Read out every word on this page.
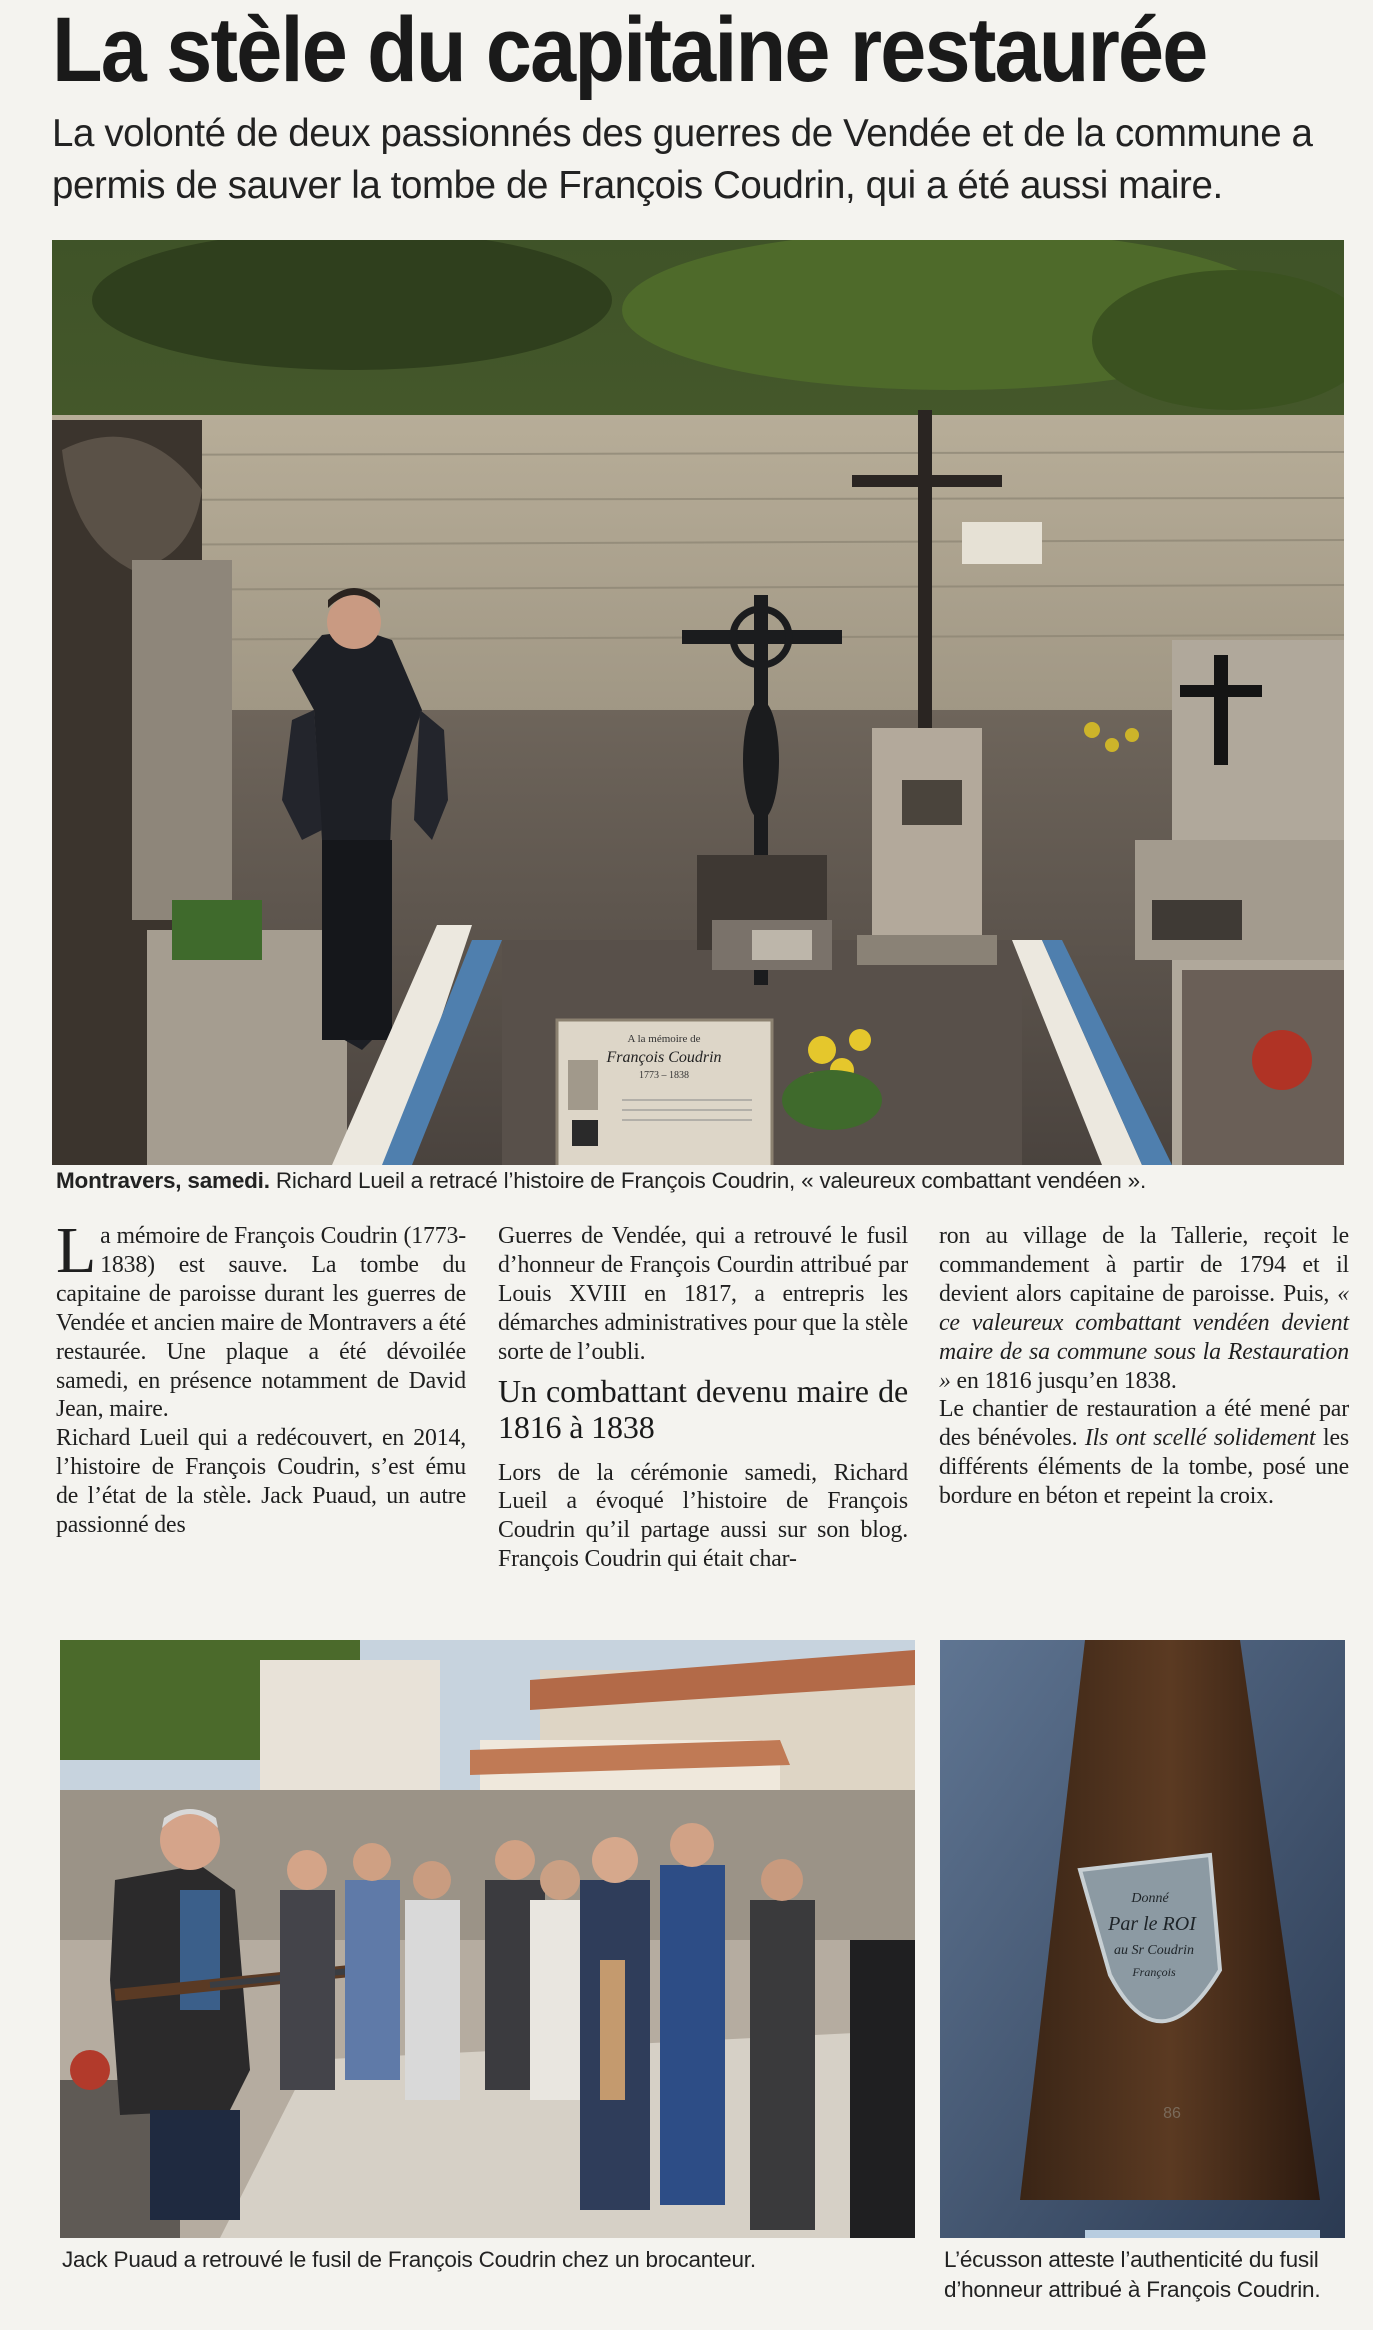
La stèle du capitaine restaurée

La volonté de deux passionnés des guerres de Vendée et de la commune a permis de sauver la tombe de François Coudrin, qui a été aussi maire.

A la mémoire de
François Coudrin
1773 – 1838
Montravers, samedi. Richard Lueil a retracé l’histoire de François Coudrin, « valeureux combattant vendéen ».

La mémoire de François Coudrin (1773-1838) est sauve. La tombe du capitaine de paroisse durant les guerres de Vendée et ancien maire de Montravers a été restaurée. Une plaque a été dévoilée samedi, en présence notamment de David Jean, maire.

Richard Lueil qui a redécouvert, en 2014, l’histoire de François Coudrin, s’est ému de l’état de la stèle. Jack Puaud, un autre passionné des

Guerres de Vendée, qui a retrouvé le fusil d’honneur de François Courdin attribué par Louis XVIII en 1817, a entrepris les démarches administratives pour que la stèle sorte de l’oubli.

Un combattant devenu maire de 1816 à 1838

Lors de la cérémonie samedi, Richard Lueil a évoqué l’histoire de François Coudrin qu’il partage aussi sur son blog. François Coudrin qui était char-

ron au village de la Tallerie, reçoit le commandement à partir de 1794 et il devient alors capitaine de paroisse. Puis, « ce valeureux combattant vendéen devient maire de sa commune sous la Restauration » en 1816 jusqu’en 1838.

Le chantier de restauration a été mené par des bénévoles. Ils ont scellé solidement les différents éléments de la tombe, posé une bordure en béton et repeint la croix.

Jack Puaud a retrouvé le fusil de François Coudrin chez un brocanteur.
Donné
Par le ROI
au Sr Coudrin
François
86
L’écusson atteste l’authenticité du fusil d’honneur attribué à François Coudrin.
